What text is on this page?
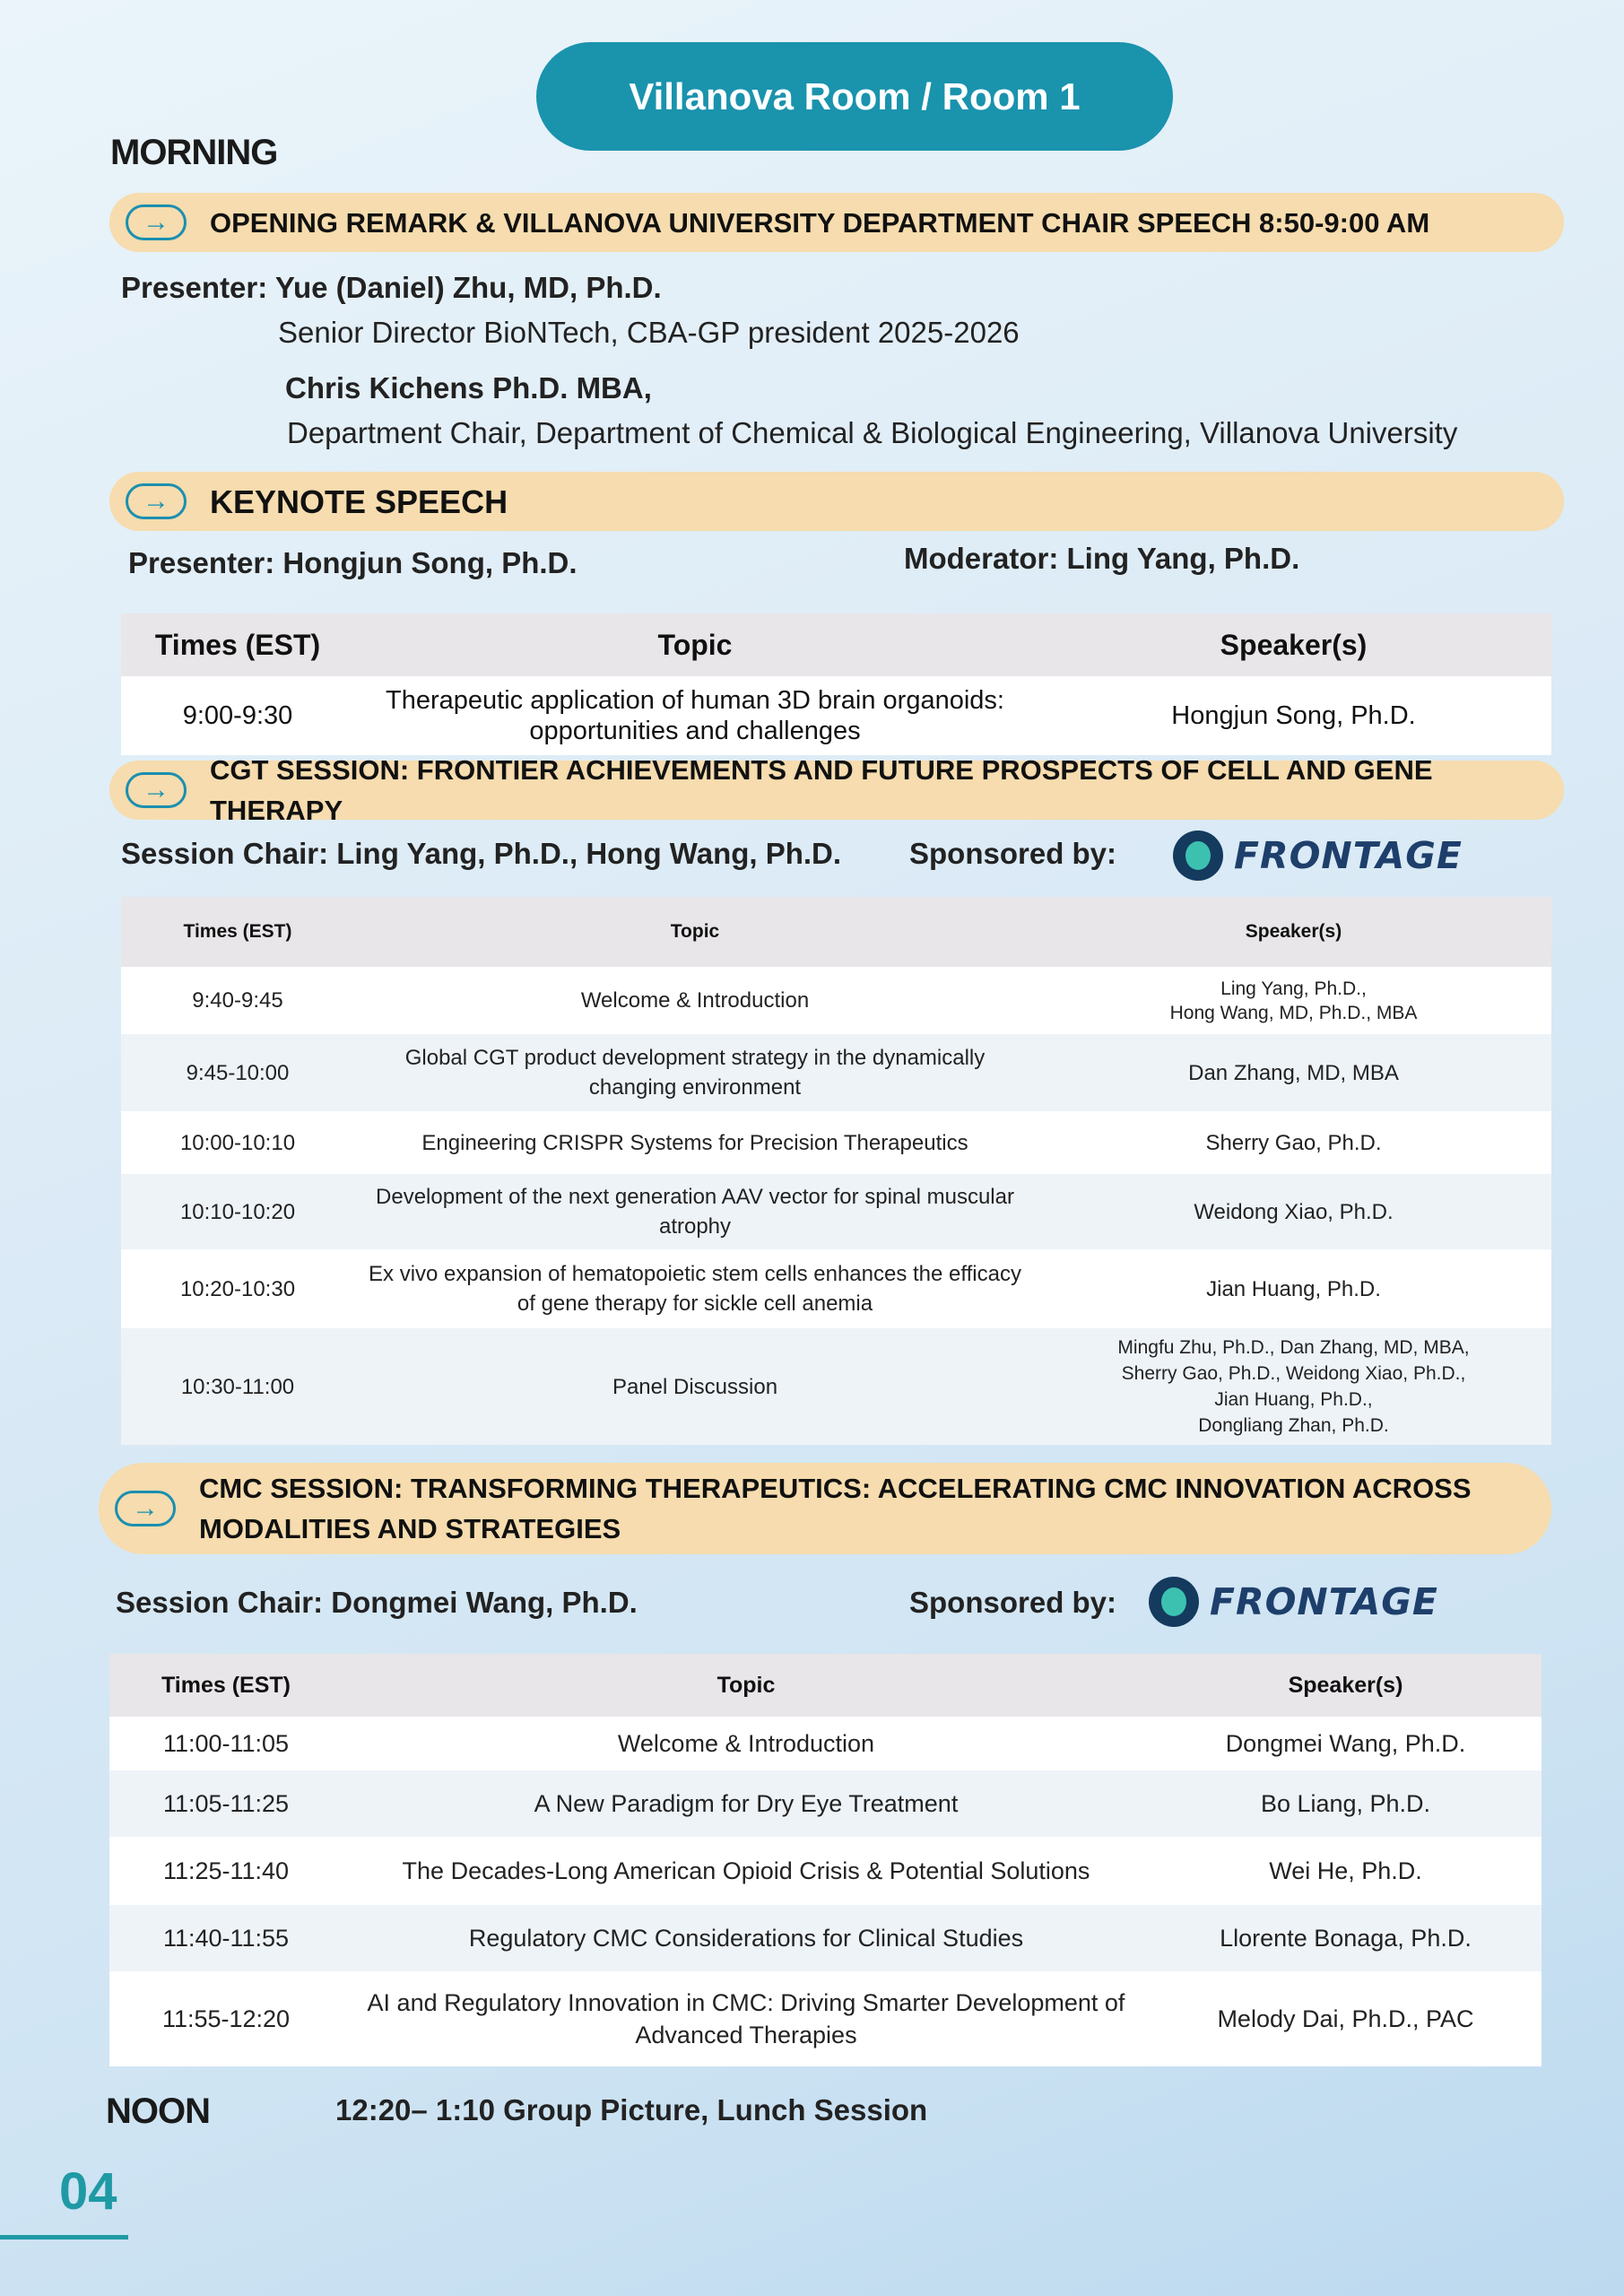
Villanova Room / Room 1
MORNING
→	OPENING REMARK & VILLANOVA UNIVERSITY DEPARTMENT CHAIR SPEECH 8:50-9:00 AM
Presenter: Yue (Daniel) Zhu, MD, Ph.D.
Senior Director BioNTech, CBA-GP president 2025-2026
Chris Kichens Ph.D. MBA,
Department Chair, Department of Chemical & Biological Engineering, Villanova University
→	KEYNOTE SPEECH
Presenter: Hongjun Song, Ph.D.	Moderator: Ling Yang, Ph.D.
Times (EST)	Topic	Speaker(s)
9:00-9:30	Therapeutic application of human 3D brain organoids: opportunities and challenges	Hongjun Song, Ph.D.
→
CGT SESSION: FRONTIER ACHIEVEMENTS AND FUTURE PROSPECTS OF CELL AND GENE THERAPY
Session Chair: Ling Yang, Ph.D., Hong Wang, Ph.D. Sponsored by:	FRONTAGE
Times (EST)	Topic	Speaker(s)
9:40-9:45	Welcome & Introduction	Ling Yang, Ph.D.,
Hong Wang, MD, Ph.D., MBA
9:45-10:00	Global CGT product development strategy in the dynamically changing environment	Dan Zhang, MD, MBA
10:00-10:10	Engineering CRISPR Systems for Precision Therapeutics	Sherry Gao, Ph.D.
10:10-10:20	Development of the next generation AAV vector for spinal muscular atrophy	Weidong Xiao, Ph.D.
10:20-10:30	Ex vivo expansion of hematopoietic stem cells enhances the efficacy of gene therapy for sickle cell anemia	Jian Huang, Ph.D.
10:30-11:00	Panel Discussion	Mingfu Zhu, Ph.D., Dan Zhang, MD, MBA,
Sherry Gao, Ph.D., Weidong Xiao, Ph.D.,
Jian Huang, Ph.D.,
Dongliang Zhan, Ph.D.
→
CMC SESSION: TRANSFORMING THERAPEUTICS: ACCELERATING CMC INNOVATION ACROSS MODALITIES AND STRATEGIES
Session Chair: Dongmei Wang, Ph.D.	Sponsored by:	FRONTAGE
Times (EST)	Topic	Speaker(s)
11:00-11:05	Welcome & Introduction	Dongmei Wang, Ph.D.
11:05-11:25	A New Paradigm for Dry Eye Treatment	Bo Liang, Ph.D.
11:25-11:40	The Decades-Long American Opioid Crisis & Potential Solutions	Wei He, Ph.D.
11:40-11:55	Regulatory CMC Considerations for Clinical Studies	Llorente Bonaga, Ph.D.
11:55-12:20	AI and Regulatory Innovation in CMC: Driving Smarter Development of Advanced Therapies	Melody Dai, Ph.D., PAC
NOON	12:20– 1:10 Group Picture, Lunch Session
04
